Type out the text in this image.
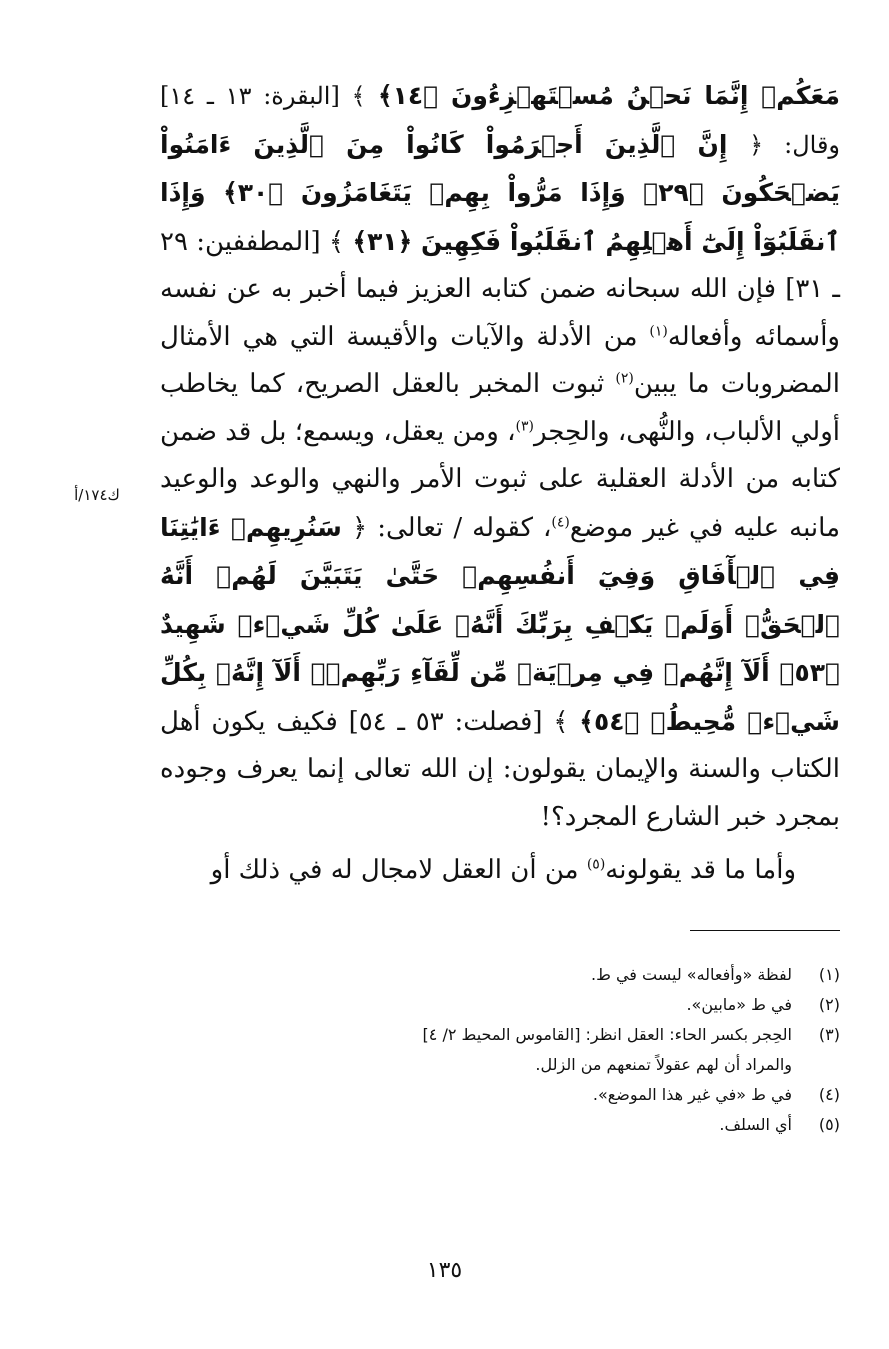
مَعَكُمۡ إِنَّمَا نَحۡنُ مُسۡتَهۡزِءُونَ ﴿١٤﴾ ﴾ [البقرة: ١٣ ـ ١٤] وقال: ﴿ إِنَّ ٱلَّذِينَ أَجۡرَمُواْ كَانُواْ مِنَ ٱلَّذِينَ ءَامَنُواْ يَضۡحَكُونَ ﴿٢٩﴾ وَإِذَا مَرُّواْ بِهِمۡ يَتَغَامَزُونَ ﴿٣٠﴾ وَإِذَا ٱنقَلَبُوٓاْ إِلَىٰٓ أَهۡلِهِمُ ٱنقَلَبُواْ فَكِهِينَ ﴿٣١﴾ ﴾ [المطففين: ٢٩ ـ ٣١] فإن الله سبحانه ضمن كتابه العزيز فيما أخبر به عن نفسه وأسمائه وأفعاله$^{(١)}$ من الأدلة والآيات والأقيسة التي هي الأمثال المضروبات ما يبين$^{(٢)}$ ثبوت المخبر بالعقل الصريح، كما يخاطب أولي الألباب، والنُّهى، والحِجر$^{(٣)}$، ومن يعقل، ويسمع؛ بل قد ضمن كتابه من الأدلة العقلية على ثبوت الأمر والنهي والوعد والوعيد مانبه عليه في غير موضع$^{(٤)}$، كقوله / تعالى: ﴿ سَنُرِيهِمۡ ءَايَٰتِنَا فِي ٱلۡأٓفَاقِ وَفِيٓ أَنفُسِهِمۡ حَتَّىٰ يَتَبَيَّنَ لَهُمۡ أَنَّهُ ٱلۡحَقُّۗ أَوَلَمۡ يَكۡفِ بِرَبِّكَ أَنَّهُۥ عَلَىٰ كُلِّ شَيۡءٖ شَهِيدٌ ﴿٥٣﴾ أَلَآ إِنَّهُمۡ فِي مِرۡيَةٖ مِّن لِّقَآءِ رَبِّهِمۡۗ أَلَآ إِنَّهُۥ بِكُلِّ شَيۡءٖ مُّحِيطُۢ ﴿٥٤﴾ ﴾ [فصلت: ٥٣ ـ ٥٤] فكيف يكون أهل الكتاب والسنة والإيمان يقولون: إن الله تعالى إنما يعرف وجوده بمجرد خبر الشارع المجرد؟!

وأما ما قد يقولونه$^{(٥)}$ من أن العقل لامجال له في ذلك أو

ك١٧٤/أ
(١)
لفظة «وأفعاله» ليست في ط.
(٢)
في ط «مابين».
(٣)
الحِجر بكسر الحاء: العقل انظر: [القاموس المحيط ٢/ ٤]
والمراد أن لهم عقولاً تمنعهم من الزلل.
(٤)
في ط «في غير هذا الموضع».
(٥)
أي السلف.
١٣٥
